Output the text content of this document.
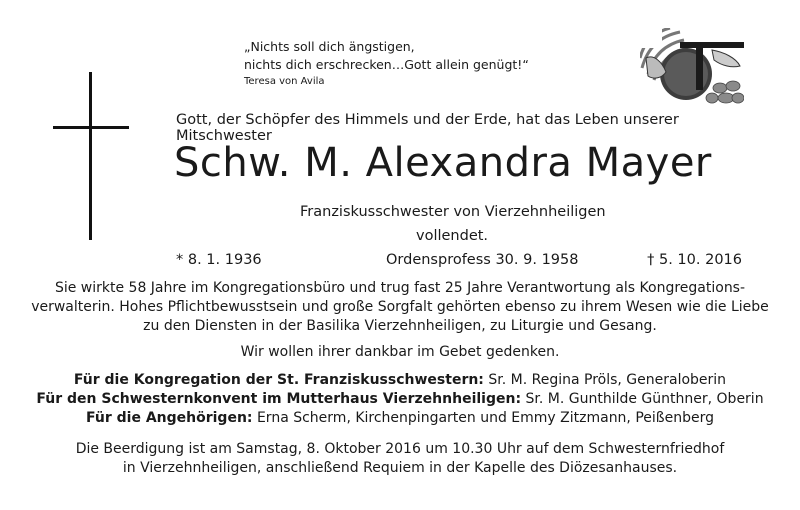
„Nichts soll dich ängstigen,
nichts dich erschrecken…Gott allein genügt!“
Teresa von Avila
Gott, der Schöpfer des Himmels und der Erde, hat das Leben unserer Mitschwester
Schw. M. Alexandra Mayer
Franziskusschwester von Vierzehnheiligen
vollendet.
* 8. 1. 1936	Ordensprofess 30. 9. 1958	† 5. 10. 2016
Sie wirkte 58 Jahre im Kongregationsbüro und trug fast 25 Jahre Verantwortung als Kongregations-
verwalterin. Hohes Pflichtbewusstsein und große Sorgfalt gehörten ebenso zu ihrem Wesen wie die Liebe
zu den Diensten in der Basilika Vierzehnheiligen, zu Liturgie und Gesang.
Wir wollen ihrer dankbar im Gebet gedenken.
Für die Kongregation der St. Franziskusschwestern: Sr. M. Regina Pröls, Generaloberin
Für den Schwesternkonvent im Mutterhaus Vierzehnheiligen: Sr. M. Gunthilde Günthner, Oberin
Für die Angehörigen: Erna Scherm, Kirchenpingarten und Emmy Zitzmann, Peißenberg
Die Beerdigung ist am Samstag, 8. Oktober 2016 um 10.30 Uhr auf dem Schwesternfriedhof
in Vierzehnheiligen, anschließend Requiem in der Kapelle des Diözesanhauses.
